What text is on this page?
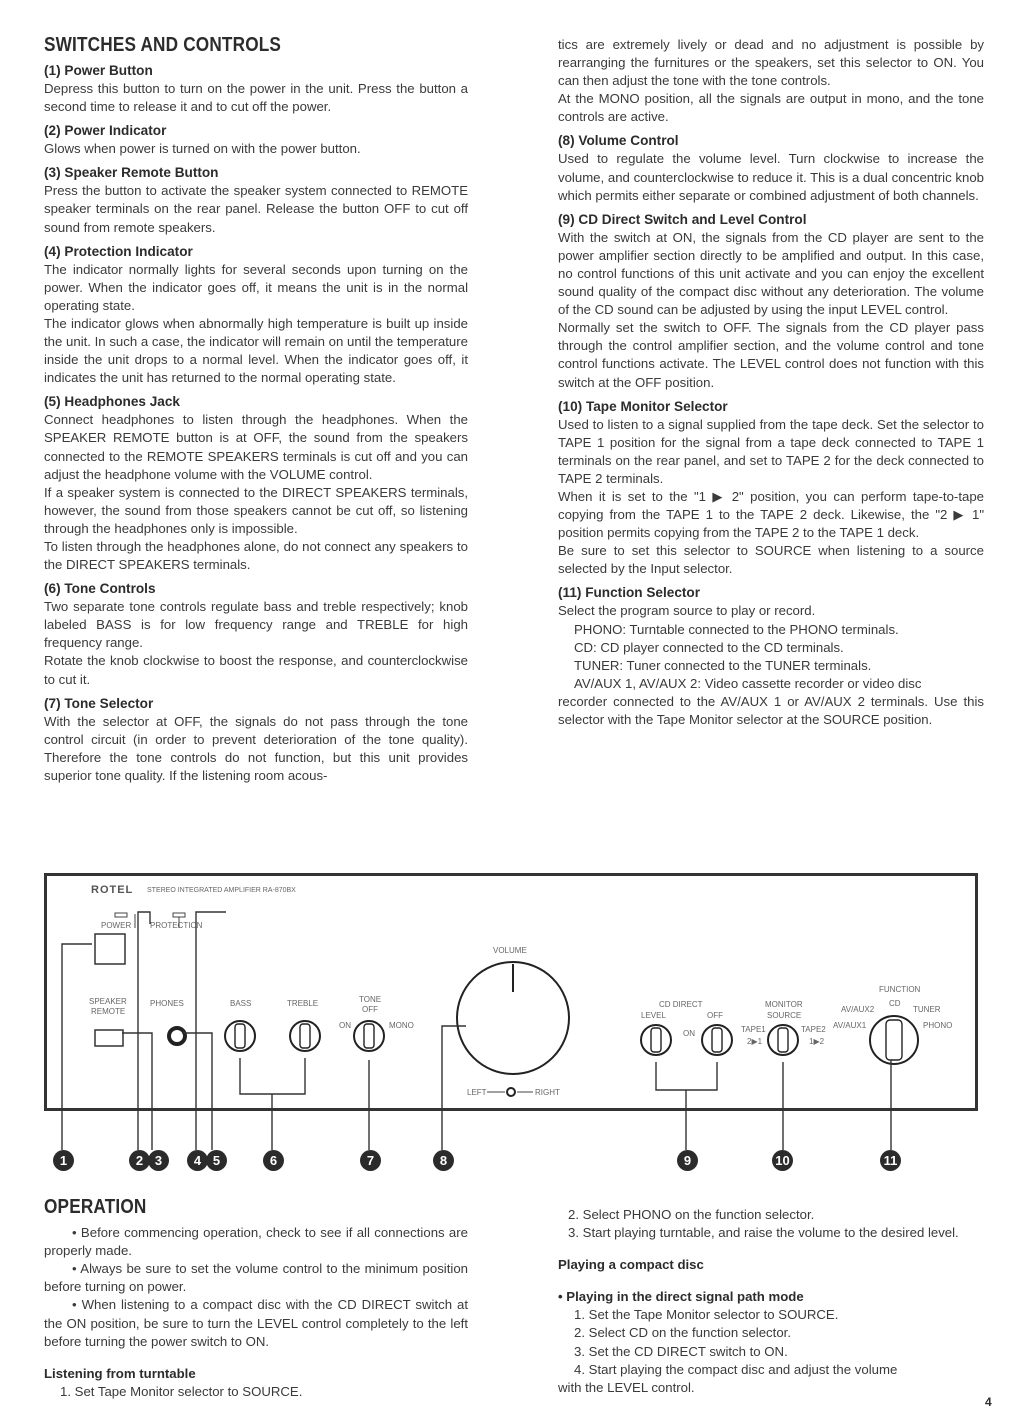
SWITCHES AND CONTROLS
(1) Power Button

Depress this button to turn on the power in the unit. Press the button a second time to release it and to cut off the power.

(2) Power Indicator

Glows when power is turned on with the power button.

(3) Speaker Remote Button

Press the button to activate the speaker system connected to REMOTE speaker terminals on the rear panel. Release the button OFF to cut off sound from remote speakers.

(4) Protection Indicator

The indicator normally lights for several seconds upon turning on the power. When the indicator goes off, it means the unit is in the normal operating state.

The indicator glows when abnormally high temperature is built up inside the unit. In such a case, the indicator will remain on until the temperature inside the unit drops to a normal level. When the indicator goes off, it indicates the unit has returned to the normal operating state.

(5) Headphones Jack

Connect headphones to listen through the headphones. When the SPEAKER REMOTE button is at OFF, the sound from the speakers connected to the REMOTE SPEAKERS terminals is cut off and you can adjust the headphone volume with the VOLUME control.

If a speaker system is connected to the DIRECT SPEAKERS terminals, however, the sound from those speakers cannot be cut off, so listening through the headphones only is impossible.

To listen through the headphones alone, do not connect any speakers to the DIRECT SPEAKERS terminals.

(6) Tone Controls

Two separate tone controls regulate bass and treble respectively; knob labeled BASS is for low frequency range and TREBLE for high frequency range.

Rotate the knob clockwise to boost the response, and counterclockwise to cut it.

(7) Tone Selector

With the selector at OFF, the signals do not pass through the tone control circuit (in order to prevent deterioration of the tone quality). Therefore the tone controls do not function, but this unit provides superior tone quality. If the listening room acous-

tics are extremely lively or dead and no adjustment is possible by rearranging the furnitures or the speakers, set this selector to ON. You can then adjust the tone with the tone controls.

At the MONO position, all the signals are output in mono, and the tone controls are active.

(8) Volume Control

Used to regulate the volume level. Turn clockwise to increase the volume, and counterclockwise to reduce it. This is a dual concentric knob which permits either separate or combined adjustment of both channels.

(9) CD Direct Switch and Level Control

With the switch at ON, the signals from the CD player are sent to the power amplifier section directly to be amplified and output. In this case, no control functions of this unit activate and you can enjoy the excellent sound quality of the compact disc without any deterioration. The volume of the CD sound can be adjusted by using the input LEVEL control.

Normally set the switch to OFF. The signals from the CD player pass through the control amplifier section, and the volume control and tone control functions activate. The LEVEL control does not function with this switch at the OFF position.

(10) Tape Monitor Selector

Used to listen to a signal supplied from the tape deck. Set the selector to TAPE 1 position for the signal from a tape deck connected to TAPE 1 terminals on the rear panel, and set to TAPE 2 for the deck connected to TAPE 2 terminals.

When it is set to the "1 ▶ 2" position, you can perform tape-to-tape copying from the TAPE 1 to the TAPE 2 deck. Likewise, the "2 ▶ 1" position permits copying from the TAPE 2 to the TAPE 1 deck.

Be sure to set this selector to SOURCE when listening to a source selected by the Input selector.

(11) Function Selector

Select the program source to play or record.

PHONO: Turntable connected to the PHONO terminals.

CD: CD player connected to the CD terminals.

TUNER: Tuner connected to the TUNER terminals.

AV/AUX 1, AV/AUX 2: Video cassette recorder or video disc

recorder connected to the AV/AUX 1 or AV/AUX 2 terminals. Use this selector with the Tape Monitor selector at the SOURCE position.

ROTEL STEREO INTEGRATED AMPLIFIER RA-870BX
POWER PROTECTION
SPEAKER
REMOTE
PHONES	BASS	TREBLE	TONE
OFF
ON	MONO
VOLUME
LEFT	RIGHT
CD DIRECT
LEVEL	OFF
ON
MONITOR
SOURCE
TAPE1	TAPE2
2▶1	1▶2
FUNCTION
AV/AUX2
CD
TUNER
AV/AUX1	PHONO
1	2 3	4 5	6	7	8	9	10	11
OPERATION

• Before commencing operation, check to see if all connections are properly made.

• Always be sure to set the volume control to the minimum position before turning on power.

• When listening to a compact disc with the CD DIRECT switch at the ON position, be sure to turn the LEVEL control completely to the left before turning the power switch to ON.

Listening from turntable

1. Set Tape Monitor selector to SOURCE.

2. Select PHONO on the function selector.

3. Start playing turntable, and raise the volume to the desired level.

Playing a compact disc

• Playing in the direct signal path mode

1. Set the Tape Monitor selector to SOURCE.

2. Select CD on the function selector.

3. Set the CD DIRECT switch to ON.

4. Start playing the compact disc and adjust the volume

with the LEVEL control.

4
